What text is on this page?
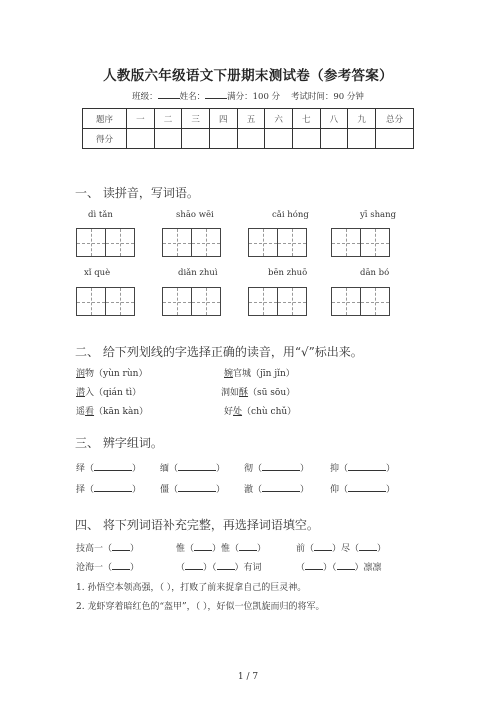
人教版六年级语文下册期末测试卷（参考答案）
班级：	姓名：	满分：100 分 考试时间：90 分钟
题序	一	二	三	四	五	六	七	八	九	总分
得分										
一、 读拼音，写词语。
dì tǎn	shāo wēi	cǎi hóng	yī shang
xǐ què	diǎn zhuì	bēn zhuō	dān bó
二、 给下列划线的字选择正确的读音，用“√”标出来。
润物（yùn rùn）	婉官城（jīn jǐn）
潜入（qián tì）	洞如酥（sū sōu）
遥看（kān kàn）	好处（chù chǔ）
三、 辨字组词。
绎（	） 缅（	） 彻（	） 抑（	）
择（	） 僵（	） 澈（	） 仰（	）
四、 将下列词语补充完整，再选择词语填空。
技高一（ ）	惟（ ）惟（ ）	前（ ）尽（ ）
沧海一（ ）	（ ）（ ）有词	（ ）（ ）凛凛
1. 孙悟空本领高强，（ ），打败了前来捉拿自己的巨灵神。
2. 龙虾穿着暗红色的“盔甲”，（ ），好似一位凯旋而归的将军。
1 / 7
